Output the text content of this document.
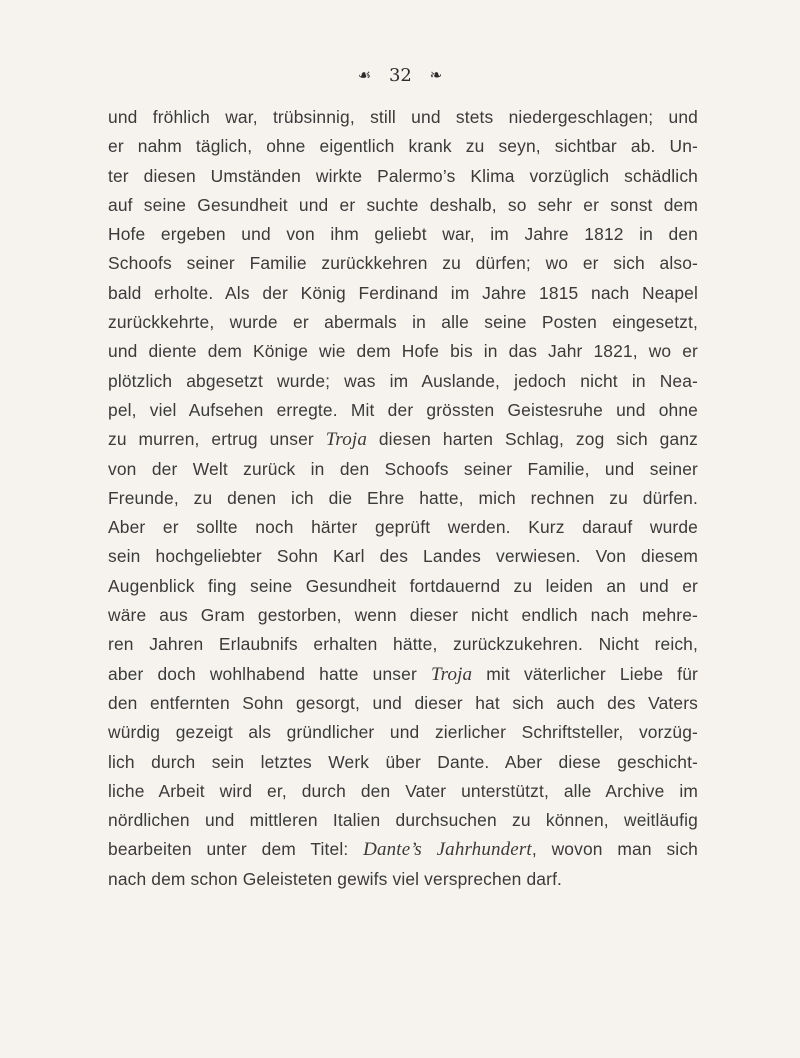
☙ 32 ❧
und fröhlich war, trübsinnig, still und stets niedergeschlagen; und
er nahm täglich, ohne eigentlich krank zu seyn, sichtbar ab. Un-
ter diesen Umständen wirkte Palermo’s Klima vorzüglich schädlich
auf seine Gesundheit und er suchte deshalb, so sehr er sonst dem
Hofe ergeben und von ihm geliebt war, im Jahre 1812 in den
Schoofs seiner Familie zurückkehren zu dürfen; wo er sich also-
bald erholte. Als der König Ferdinand im Jahre 1815 nach Neapel
zurückkehrte, wurde er abermals in alle seine Posten eingesetzt,
und diente dem Könige wie dem Hofe bis in das Jahr 1821, wo er
plötzlich abgesetzt wurde; was im Auslande, jedoch nicht in Nea-
pel, viel Aufsehen erregte. Mit der grössten Geistesruhe und ohne
zu murren, ertrug unser Troja diesen harten Schlag, zog sich ganz
von der Welt zurück in den Schoofs seiner Familie, und seiner
Freunde, zu denen ich die Ehre hatte, mich rechnen zu dürfen.
Aber er sollte noch härter geprüft werden. Kurz darauf wurde
sein hochgeliebter Sohn Karl des Landes verwiesen. Von diesem
Augenblick fing seine Gesundheit fortdauernd zu leiden an und er
wäre aus Gram gestorben, wenn dieser nicht endlich nach mehre-
ren Jahren Erlaubnifs erhalten hätte, zurückzukehren. Nicht reich,
aber doch wohlhabend hatte unser Troja mit väterlicher Liebe für
den entfernten Sohn gesorgt, und dieser hat sich auch des Vaters
würdig gezeigt als gründlicher und zierlicher Schriftsteller, vorzüg-
lich durch sein letztes Werk über Dante. Aber diese geschicht-
liche Arbeit wird er, durch den Vater unterstützt, alle Archive im
nördlichen und mittleren Italien durchsuchen zu können, weitläufig
bearbeiten unter dem Titel: Dante’s Jahrhundert, wovon man sich
nach dem schon Geleisteten gewifs viel versprechen darf.
